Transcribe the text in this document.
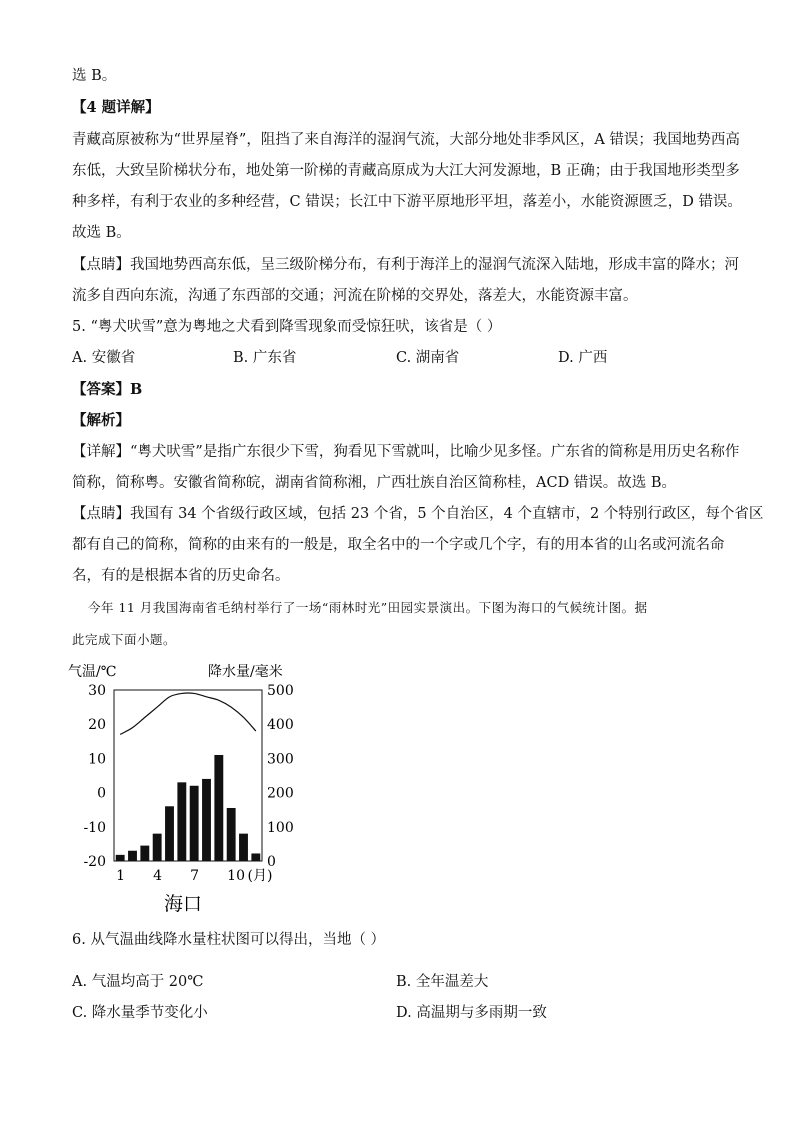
选 B。
【4 题详解】
青藏高原被称为“世界屋脊”，阻挡了来自海洋的湿润气流，大部分地处非季风区，A 错误；我国地势西高
东低，大致呈阶梯状分布，地处第一阶梯的青藏高原成为大江大河发源地，B 正确；由于我国地形类型多
种多样，有利于农业的多种经营，C 错误；长江中下游平原地形平坦，落差小，水能资源匮乏，D 错误。
故选 B。
【点睛】我国地势西高东低，呈三级阶梯分布，有利于海洋上的湿润气流深入陆地，形成丰富的降水；河
流多自西向东流，沟通了东西部的交通；河流在阶梯的交界处，落差大，水能资源丰富。
5. “粤犬吠雪”意为粤地之犬看到降雪现象而受惊狂吠，该省是（ ）
A. 安徽省	B. 广东省	C. 湖南省	D. 广西
【答案】B
【解析】
【详解】“粤犬吠雪”是指广东很少下雪，狗看见下雪就叫，比喻少见多怪。广东省的简称是用历史名称作
简称，简称粤。安徽省简称皖，湖南省简称湘，广西壮族自治区简称桂，ACD 错误。故选 B。
【点睛】我国有 34 个省级行政区域，包括 23 个省，5 个自治区，4 个直辖市，2 个特别行政区，每个省区
都有自己的简称，简称的由来有的一般是，取全名中的一个字或几个字，有的用本省的山名或河流名命
名，有的是根据本省的历史命名。
今年 11 月我国海南省毛纳村举行了一场“雨林时光”田园实景演出。下图为海口的气候统计图。据
此完成下面小题。
气温/℃	降水量/毫米
30
20
10
0
-10
-20
500
400
300
200
100
0
1 4 7 10 (月)
海口
6. 从气温曲线降水量柱状图可以得出，当地（ ）
A. 气温均高于 20℃	B. 全年温差大
C. 降水量季节变化小	D. 高温期与多雨期一致
